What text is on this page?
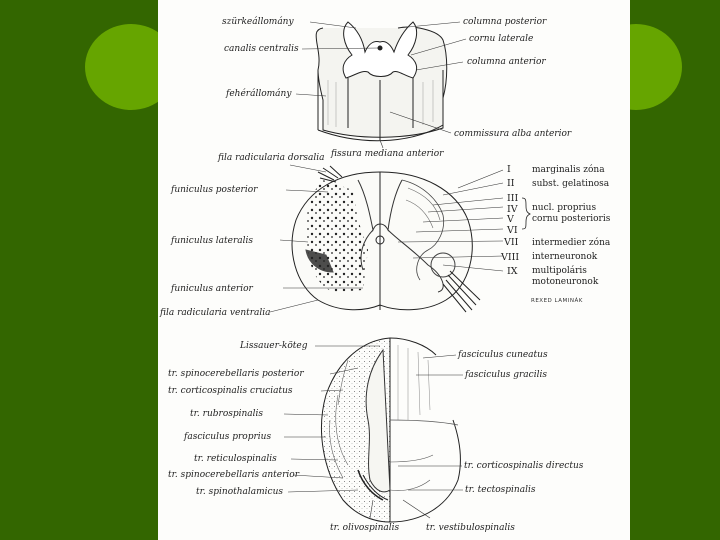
szürkeállomány
canalis centralis
fehérállomány
columna posterior
cornu laterale
columna anterior
commissura alba anterior
fissura mediana anterior
fila radicularia dorsalia
funiculus posterior
funiculus lateralis
funiculus anterior
fila radicularia ventralia
I marginalis zóna
II subst. gelatinosa
III
IV nucl. proprius
V cornu posterioris
VI
VII intermedier zóna
VIII interneuronok
IX multipoláris
motoneuronok
REXED LAMINÁK
Lissauer-köteg
tr. spinocerebellaris posterior
tr. corticospinalis cruciatus
tr. rubrospinalis
fasciculus proprius
tr. reticulospinalis
tr. spinocerebellaris anterior
tr. spinothalamicus
fasciculus cuneatus
fasciculus gracilis
tr. corticospinalis directus
tr. tectospinalis
tr. olivospinalis	tr. vestibulospinalis
